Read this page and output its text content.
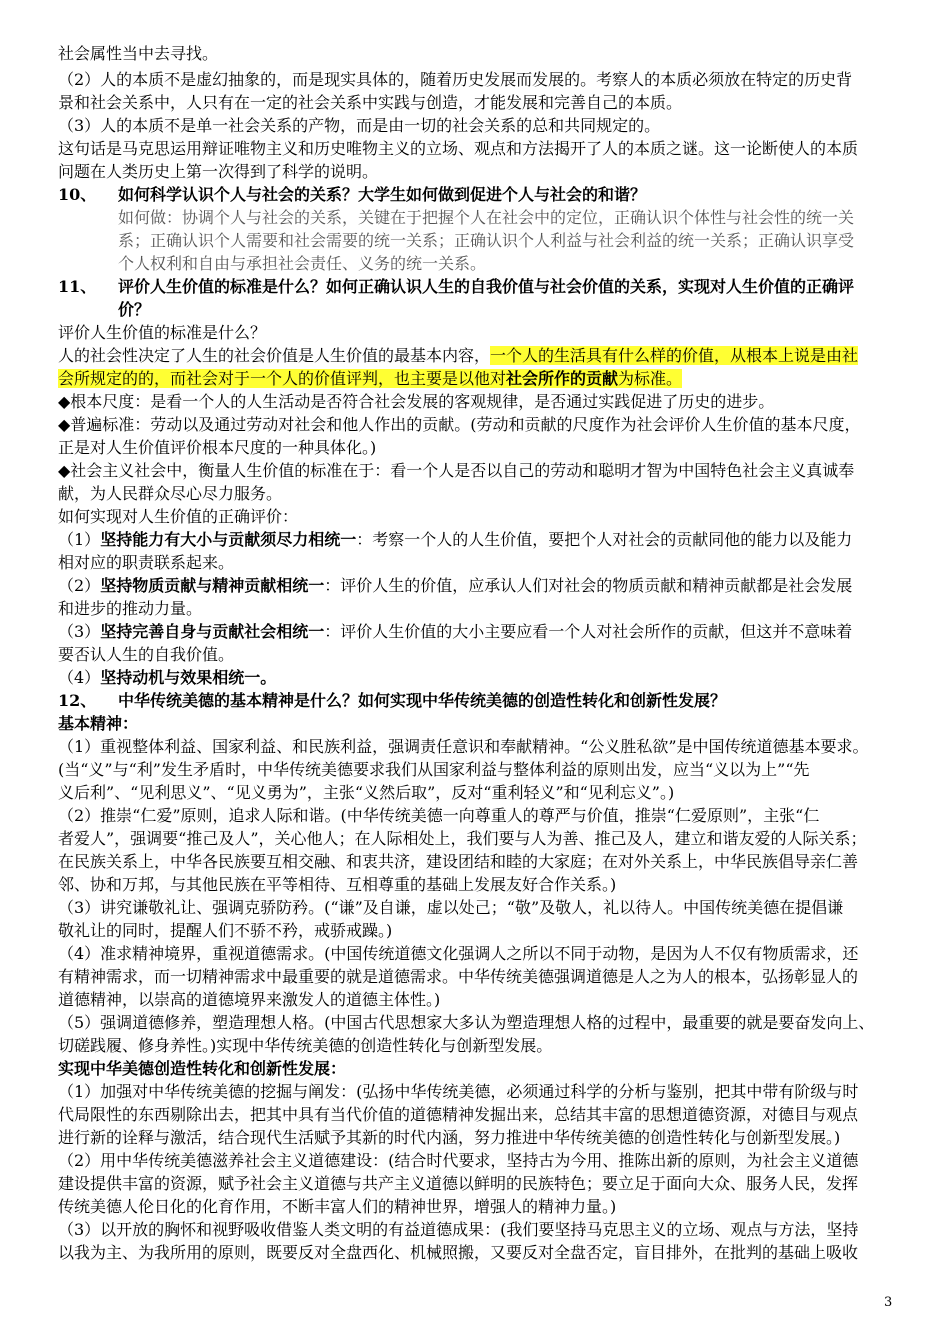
社会属性当中去寻找。
（2）人的本质不是虚幻抽象的，而是现实具体的，随着历史发展而发展的。考察人的本质必须放在特定的历史背
景和社会关系中，人只有在一定的社会关系中实践与创造，才能发展和完善自己的本质。
（3）人的本质不是单一社会关系的产物，而是由一切的社会关系的总和共同规定的。
这句话是马克思运用辩证唯物主义和历史唯物主义的立场、观点和方法揭开了人的本质之谜。这一论断使人的本质
问题在人类历史上第一次得到了科学的说明。
10、 如何科学认识个人与社会的关系？大学生如何做到促进个人与社会的和谐？
如何做：协调个人与社会的关系，关键在于把握个人在社会中的定位，正确认识个体性与社会性的统一关
系；正确认识个人需要和社会需要的统一关系；正确认识个人利益与社会利益的统一关系；正确认识享受
个人权利和自由与承担社会责任、义务的统一关系。
11、 评价人生价值的标准是什么？如何正确认识人生的自我价值与社会价值的关系，实现对人生价值的正确评
价？
评价人生价值的标准是什么？
人的社会性决定了人生的社会价值是人生价值的最基本内容，一个人的生活具有什么样的价值，从根本上说是由社
会所规定的的，而社会对于一个人的价值评判，也主要是以他对社会所作的贡献为标准。
◆根本尺度：是看一个人的人生活动是否符合社会发展的客观规律，是否通过实践促进了历史的进步。
◆普遍标准：劳动以及通过劳动对社会和他人作出的贡献。(劳动和贡献的尺度作为社会评价人生价值的基本尺度，
正是对人生价值评价根本尺度的一种具体化。)
◆社会主义社会中，衡量人生价值的标准在于：看一个人是否以自己的劳动和聪明才智为中国特色社会主义真诚奉
献，为人民群众尽心尽力服务。
如何实现对人生价值的正确评价：
（1）坚持能力有大小与贡献须尽力相统一：考察一个人的人生价值，要把个人对社会的贡献同他的能力以及能力
相对应的职责联系起来。
（2）坚持物质贡献与精神贡献相统一：评价人生的价值，应承认人们对社会的物质贡献和精神贡献都是社会发展
和进步的推动力量。
（3）坚持完善自身与贡献社会相统一：评价人生价值的大小主要应看一个人对社会所作的贡献，但这并不意味着
要否认人生的自我价值。
（4）坚持动机与效果相统一。
12、 中华传统美德的基本精神是什么？如何实现中华传统美德的创造性转化和创新性发展？
基本精神：
（1）重视整体利益、国家利益、和民族利益，强调责任意识和奉献精神。“公义胜私欲”是中国传统道德基本要求。
(当“义”与“利”发生矛盾时，中华传统美德要求我们从国家利益与整体利益的原则出发，应当“义以为上”“先
义后利”、“见利思义”、“见义勇为”，主张“义然后取”，反对“重利轻义”和“见利忘义”。)
（2）推崇“仁爱”原则，追求人际和谐。(中华传统美德一向尊重人的尊严与价值，推崇“仁爱原则”，主张“仁
者爱人”，强调要“推己及人”，关心他人；在人际相处上，我们要与人为善、推己及人，建立和谐友爱的人际关系；
在民族关系上，中华各民族要互相交融、和衷共济，建设团结和睦的大家庭；在对外关系上，中华民族倡导亲仁善
邻、协和万邦，与其他民族在平等相待、互相尊重的基础上发展友好合作关系。)
（3）讲究谦敬礼让、强调克骄防矜。(“谦”及自谦，虚以处己；“敬”及敬人，礼以待人。中国传统美德在提倡谦
敬礼让的同时，提醒人们不骄不矜，戒骄戒躁。)
（4）准求精神境界，重视道德需求。(中国传统道德文化强调人之所以不同于动物，是因为人不仅有物质需求，还
有精神需求，而一切精神需求中最重要的就是道德需求。中华传统美德强调道德是人之为人的根本，弘扬彰显人的
道德精神，以崇高的道德境界来激发人的道德主体性。)
（5）强调道德修养，塑造理想人格。(中国古代思想家大多认为塑造理想人格的过程中，最重要的就是要奋发向上、
切磋践履、修身养性。)实现中华传统美德的创造性转化与创新型发展。
实现中华美德创造性转化和创新性发展：
（1）加强对中华传统美德的挖掘与阐发：(弘扬中华传统美德，必须通过科学的分析与鉴别，把其中带有阶级与时
代局限性的东西剔除出去，把其中具有当代价值的道德精神发掘出来，总结其丰富的思想道德资源，对德目与观点
进行新的诠释与激活，结合现代生活赋予其新的时代内涵，努力推进中华传统美德的创造性转化与创新型发展。)
（2）用中华传统美德滋养社会主义道德建设：(结合时代要求，坚持古为今用、推陈出新的原则，为社会主义道德
建设提供丰富的资源，赋予社会主义道德与共产主义道德以鲜明的民族特色；要立足于面向大众、服务人民，发挥
传统美德人伦日化的化育作用，不断丰富人们的精神世界，增强人的精神力量。)
（3）以开放的胸怀和视野吸收借鉴人类文明的有益道德成果：(我们要坚持马克思主义的立场、观点与方法，坚持
以我为主、为我所用的原则，既要反对全盘西化、机械照搬，又要反对全盘否定，盲目排外，在批判的基础上吸收
3
